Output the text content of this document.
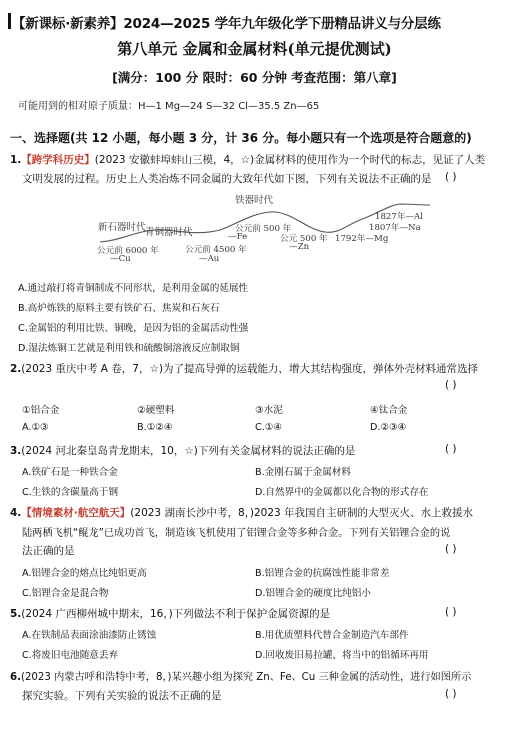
【新课标·新素养】2024—2025 学年九年级化学下册精品讲义与分层练
第八单元 金属和金属材料(单元提优测试)
[满分：100 分 限时：60 分钟 考查范围：第八章]
可能用到的相对原子质量：H—1 Mg—24 S—32 Cl—35.5 Zn—65
一、选择题(共 12 小题，每小题 3 分，计 36 分。每小题只有一个选项是符合题意的)
1.【跨学科历史】(2023 安徽蚌埠蚌山三模，4，☆)金属材料的使用作为一个时代的标志，见证了人类
文明发展的过程。历史上人类冶炼不同金属的大致年代如下图，下列有关说法不正确的是 ( )
新石器时代 青铜器时代
铁器时代
公元前 6000 年	公元前 4500 年
公元前 500 年
公元 500 年
1827年—Al
1807年—Na
1792年—Mg
—Cu	—Au
—Fe
—Zn
A.通过敲打将青铜制成不同形状，是利用金属的延展性
B.高炉炼铁的原料主要有铁矿石、焦炭和石灰石
C.金属铝的利用比铁、铜晚，是因为铝的金属活动性强
D.湿法炼铜工艺就是利用铁和硫酸铜溶液反应制取铜
2.(2023 重庆中考 A 卷，7，☆)为了提高导弹的运载能力，增大其结构强度，弹体外壳材料通常选择
( )
①铝合金	②硬塑料	③水泥	④钛合金
A.①③	B.①②④	C.①④	D.②③④
3.(2024 河北秦皇岛青龙期末，10，☆)下列有关金属材料的说法正确的是	( )
A.铁矿石是一种铁合金	B.金刚石属于金属材料
C.生铁的含碳量高于钢	D.自然界中的金属都以化合物的形式存在
4.【情境素材·航空航天】(2023 湖南长沙中考，8，)2023 年我国自主研制的大型灭火、水上救援水
陆两栖飞机“鲲龙”已成功首飞，制造该飞机使用了铝锂合金等多种合金。下列有关铝锂合金的说
法正确的是	( )
A.铝锂合金的熔点比纯铝更高	B.铝锂合金的抗腐蚀性能非常差
C.铝锂合金是混合物	D.铝锂合金的硬度比纯铝小
5.(2024 广西柳州城中期末，16，)下列做法不利于保护金属资源的是	( )
A.在铁制品表面涂油漆防止锈蚀	B.用优质塑料代替合金制造汽车部件
C.将废旧电池随意丢弃	D.回收废旧易拉罐，将当中的铝循环再用
6.(2023 内蒙古呼和浩特中考，8，)某兴趣小组为探究 Zn、Fe、Cu 三种金属的活动性，进行如图所示
探究实验。下列有关实验的说法不正确的是	( )
